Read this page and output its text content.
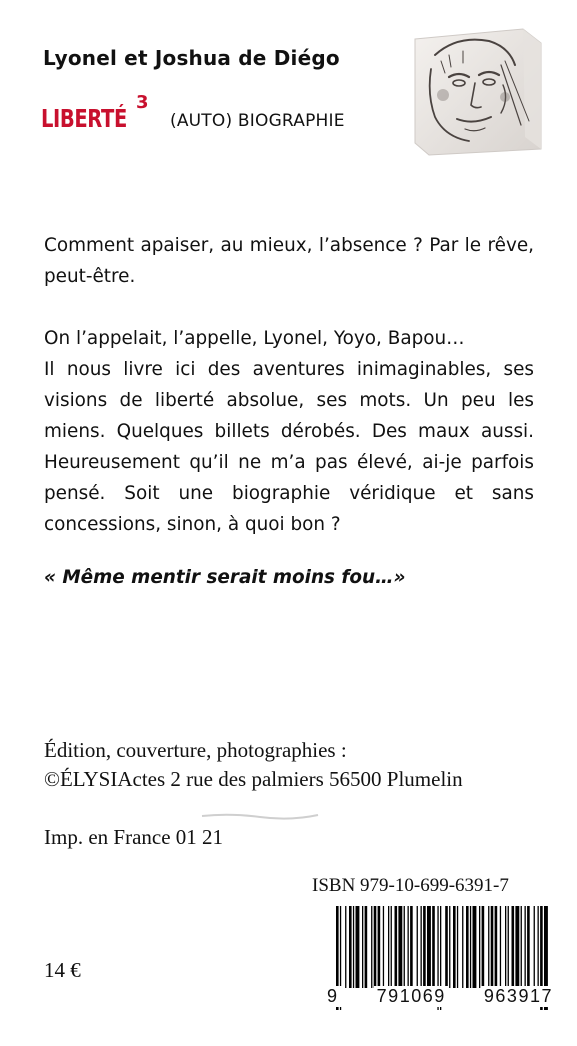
Lyonel et Joshua de Diégo
LIBERTÉ
3
(AUTO) BIOGRAPHIE
Comment apaiser, au mieux, l’absence ? Par le rêve, peut-être.
On l’appelait, l’appelle, Lyonel, Yoyo, Bapou…
Il nous livre ici des aventures inimaginables, ses visions de liberté absolue, ses mots. Un peu les miens. Quelques billets dérobés. Des maux aussi. Heureusement qu’il ne m’a pas élevé, ai-je parfois pensé. Soit une biographie véridique et sans concessions, sinon, à quoi bon ?
« Même mentir serait moins fou…»
Édition, couverture, photographies :
©ÉLYSIActes 2 rue des palmiers 56500 Plumelin
Imp. en France 01 21
14 €
ISBN 979-10-699-6391-7
9 791069 963917
